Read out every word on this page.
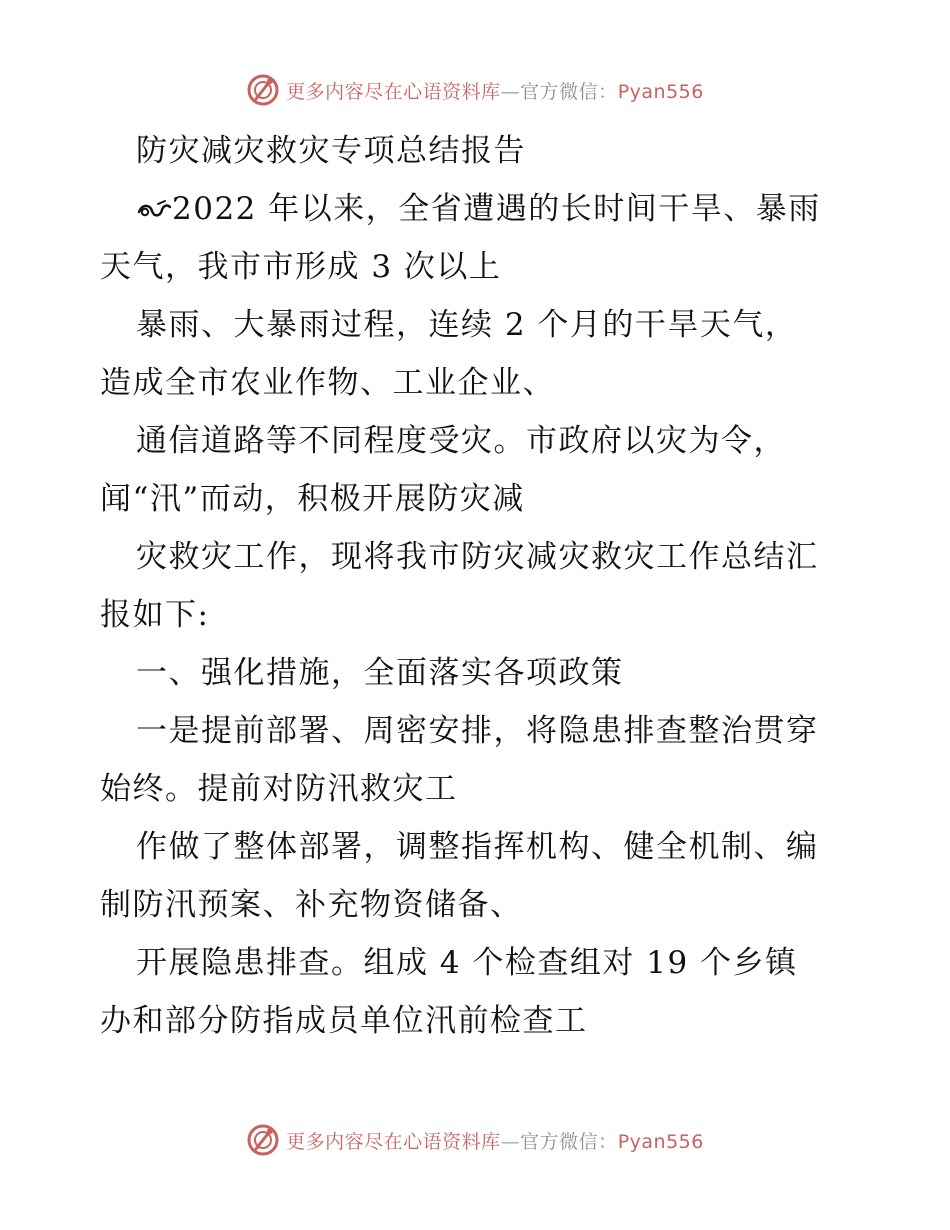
更多内容尽在心语资料库—官方微信：Pyan556
防灾减灾救灾专项总结报告
2022 年以来，全省遭遇的长时间干旱、暴雨
天气，我市市形成 3 次以上
暴雨、大暴雨过程，连续 2 个月的干旱天气，
造成全市农业作物、工业企业、
通信道路等不同程度受灾。市政府以灾为令，
闻“汛”而动，积极开展防灾减
灾救灾工作，现将我市防灾减灾救灾工作总结汇
报如下:
一、强化措施，全面落实各项政策
一是提前部署、周密安排，将隐患排查整治贯穿
始终。提前对防汛救灾工
作做了整体部署，调整指挥机构、健全机制、编
制防汛预案、补充物资储备、
开展隐患排查。组成 4 个检查组对 19 个乡镇
办和部分防指成员单位汛前检查工
更多内容尽在心语资料库—官方微信：Pyan556
